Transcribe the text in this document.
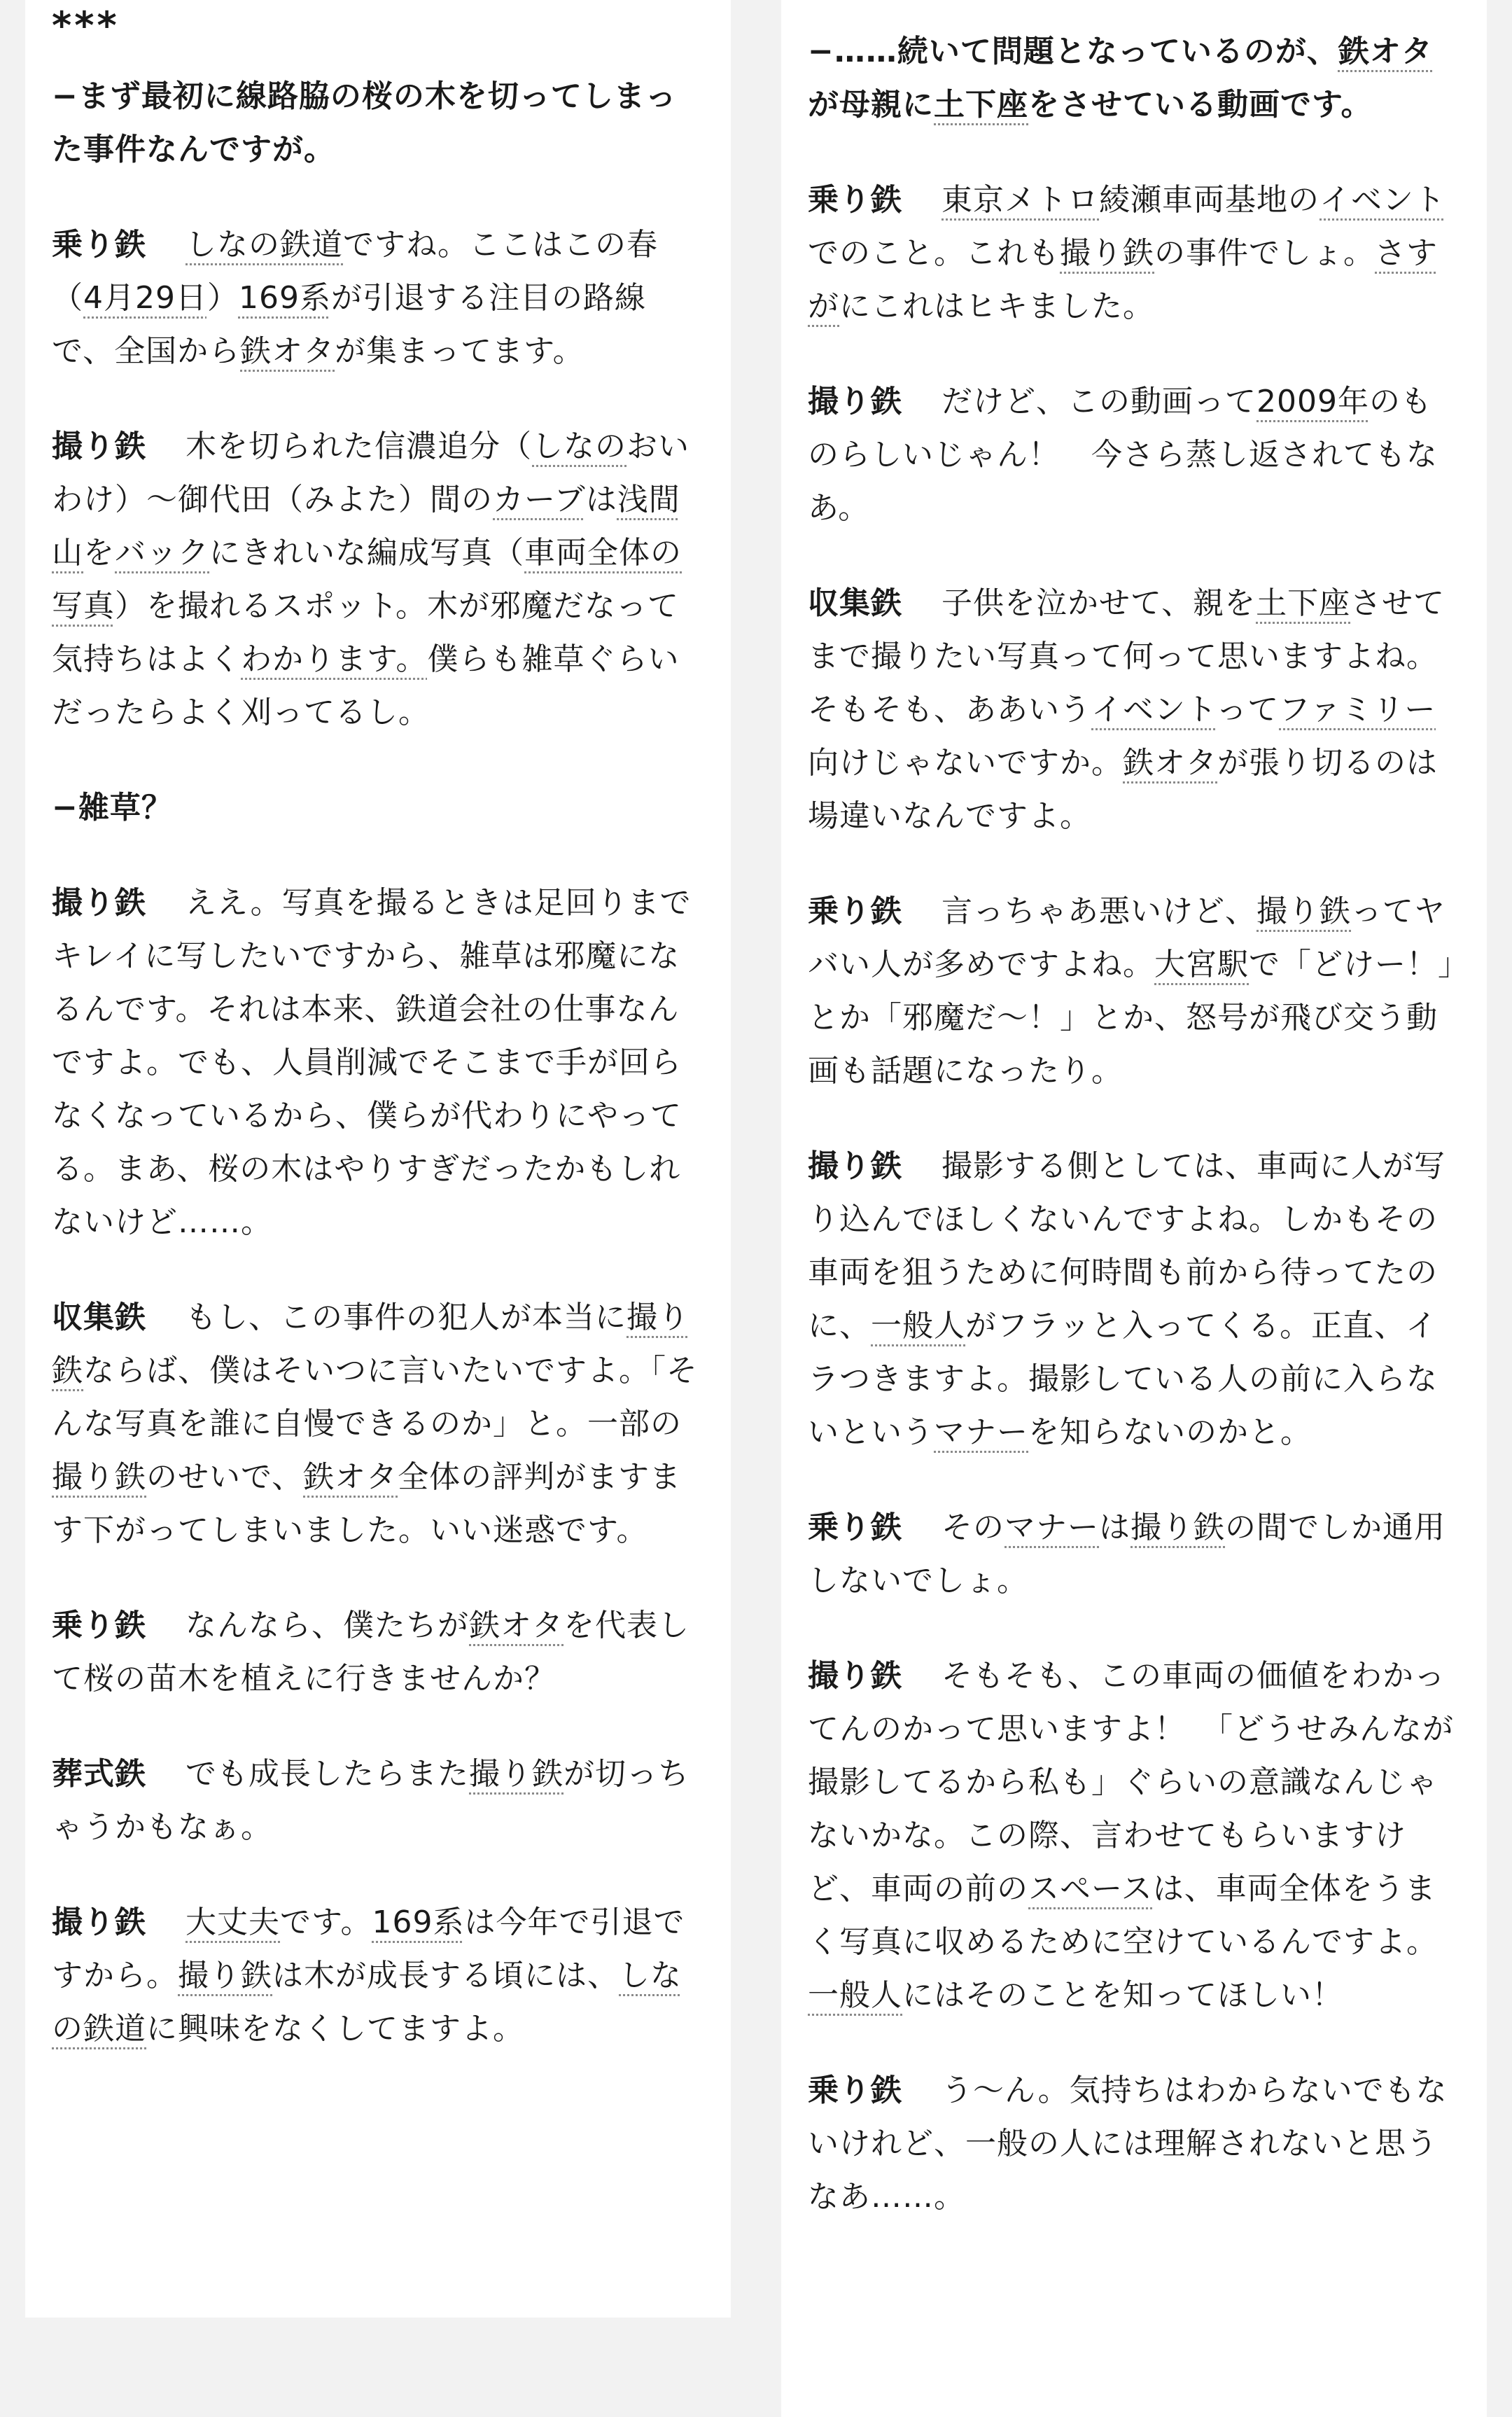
***

−まず最初に線路脇の桜の木を切ってしまった事件なんですが。

乗り鉄 しなの鉄道ですね。ここはこの春（4月29日）169系が引退する注目の路線で、全国から鉄オタが集まってます。

撮り鉄 木を切られた信濃追分（しなのおいわけ）〜御代田（みよた）間のカーブは浅間山をバックにきれいな編成写真（車両全体の写真）を撮れるスポット。木が邪魔だなって気持ちはよくわかります。僕らも雑草ぐらいだったらよく刈ってるし。

−雑草？

撮り鉄 ええ。写真を撮るときは足回りまでキレイに写したいですから、雑草は邪魔になるんです。それは本来、鉄道会社の仕事なんですよ。でも、人員削減でそこまで手が回らなくなっているから、僕らが代わりにやってる。まあ、桜の木はやりすぎだったかもしれないけど……。

収集鉄 もし、この事件の犯人が本当に撮り鉄ならば、僕はそいつに言いたいですよ。「そんな写真を誰に自慢できるのか」と。一部の撮り鉄のせいで、鉄オタ全体の評判がますます下がってしまいました。いい迷惑です。

乗り鉄 なんなら、僕たちが鉄オタを代表して桜の苗木を植えに行きませんか？

葬式鉄 でも成長したらまた撮り鉄が切っちゃうかもなぁ。

撮り鉄 大丈夫です。169系は今年で引退ですから。撮り鉄は木が成長する頃には、しなの鉄道に興味をなくしてますよ。

−……続いて問題となっているのが、鉄オタが母親に土下座をさせている動画です。

乗り鉄 東京メトロ綾瀬車両基地のイベントでのこと。これも撮り鉄の事件でしょ。さすがにこれはヒキました。

撮り鉄 だけど、この動画って2009年のものらしいじゃん！　今さら蒸し返されてもなあ。

収集鉄 子供を泣かせて、親を土下座させてまで撮りたい写真って何って思いますよね。そもそも、ああいうイベントってファミリー向けじゃないですか。鉄オタが張り切るのは場違いなんですよ。

乗り鉄 言っちゃあ悪いけど、撮り鉄ってヤバい人が多めですよね。大宮駅で「どけー！」とか「邪魔だ〜！」とか、怒号が飛び交う動画も話題になったり。

撮り鉄 撮影する側としては、車両に人が写り込んでほしくないんですよね。しかもその車両を狙うために何時間も前から待ってたのに、一般人がフラッと入ってくる。正直、イラつきますよ。撮影している人の前に入らないというマナーを知らないのかと。

乗り鉄 そのマナーは撮り鉄の間でしか通用しないでしょ。

撮り鉄 そもそも、この車両の価値をわかってんのかって思いますよ！　「どうせみんなが撮影してるから私も」ぐらいの意識なんじゃないかな。この際、言わせてもらいますけど、車両の前のスペースは、車両全体をうまく写真に収めるために空けているんですよ。一般人にはそのことを知ってほしい！

乗り鉄 う〜ん。気持ちはわからないでもないけれど、一般の人には理解されないと思うなあ……。
